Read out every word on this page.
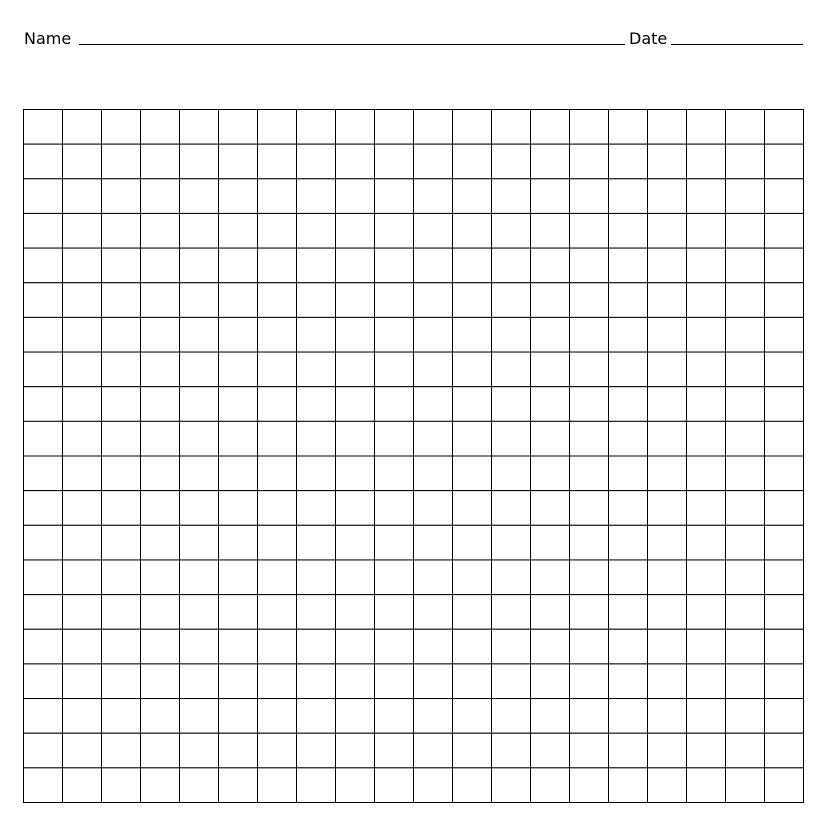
Name	Date
